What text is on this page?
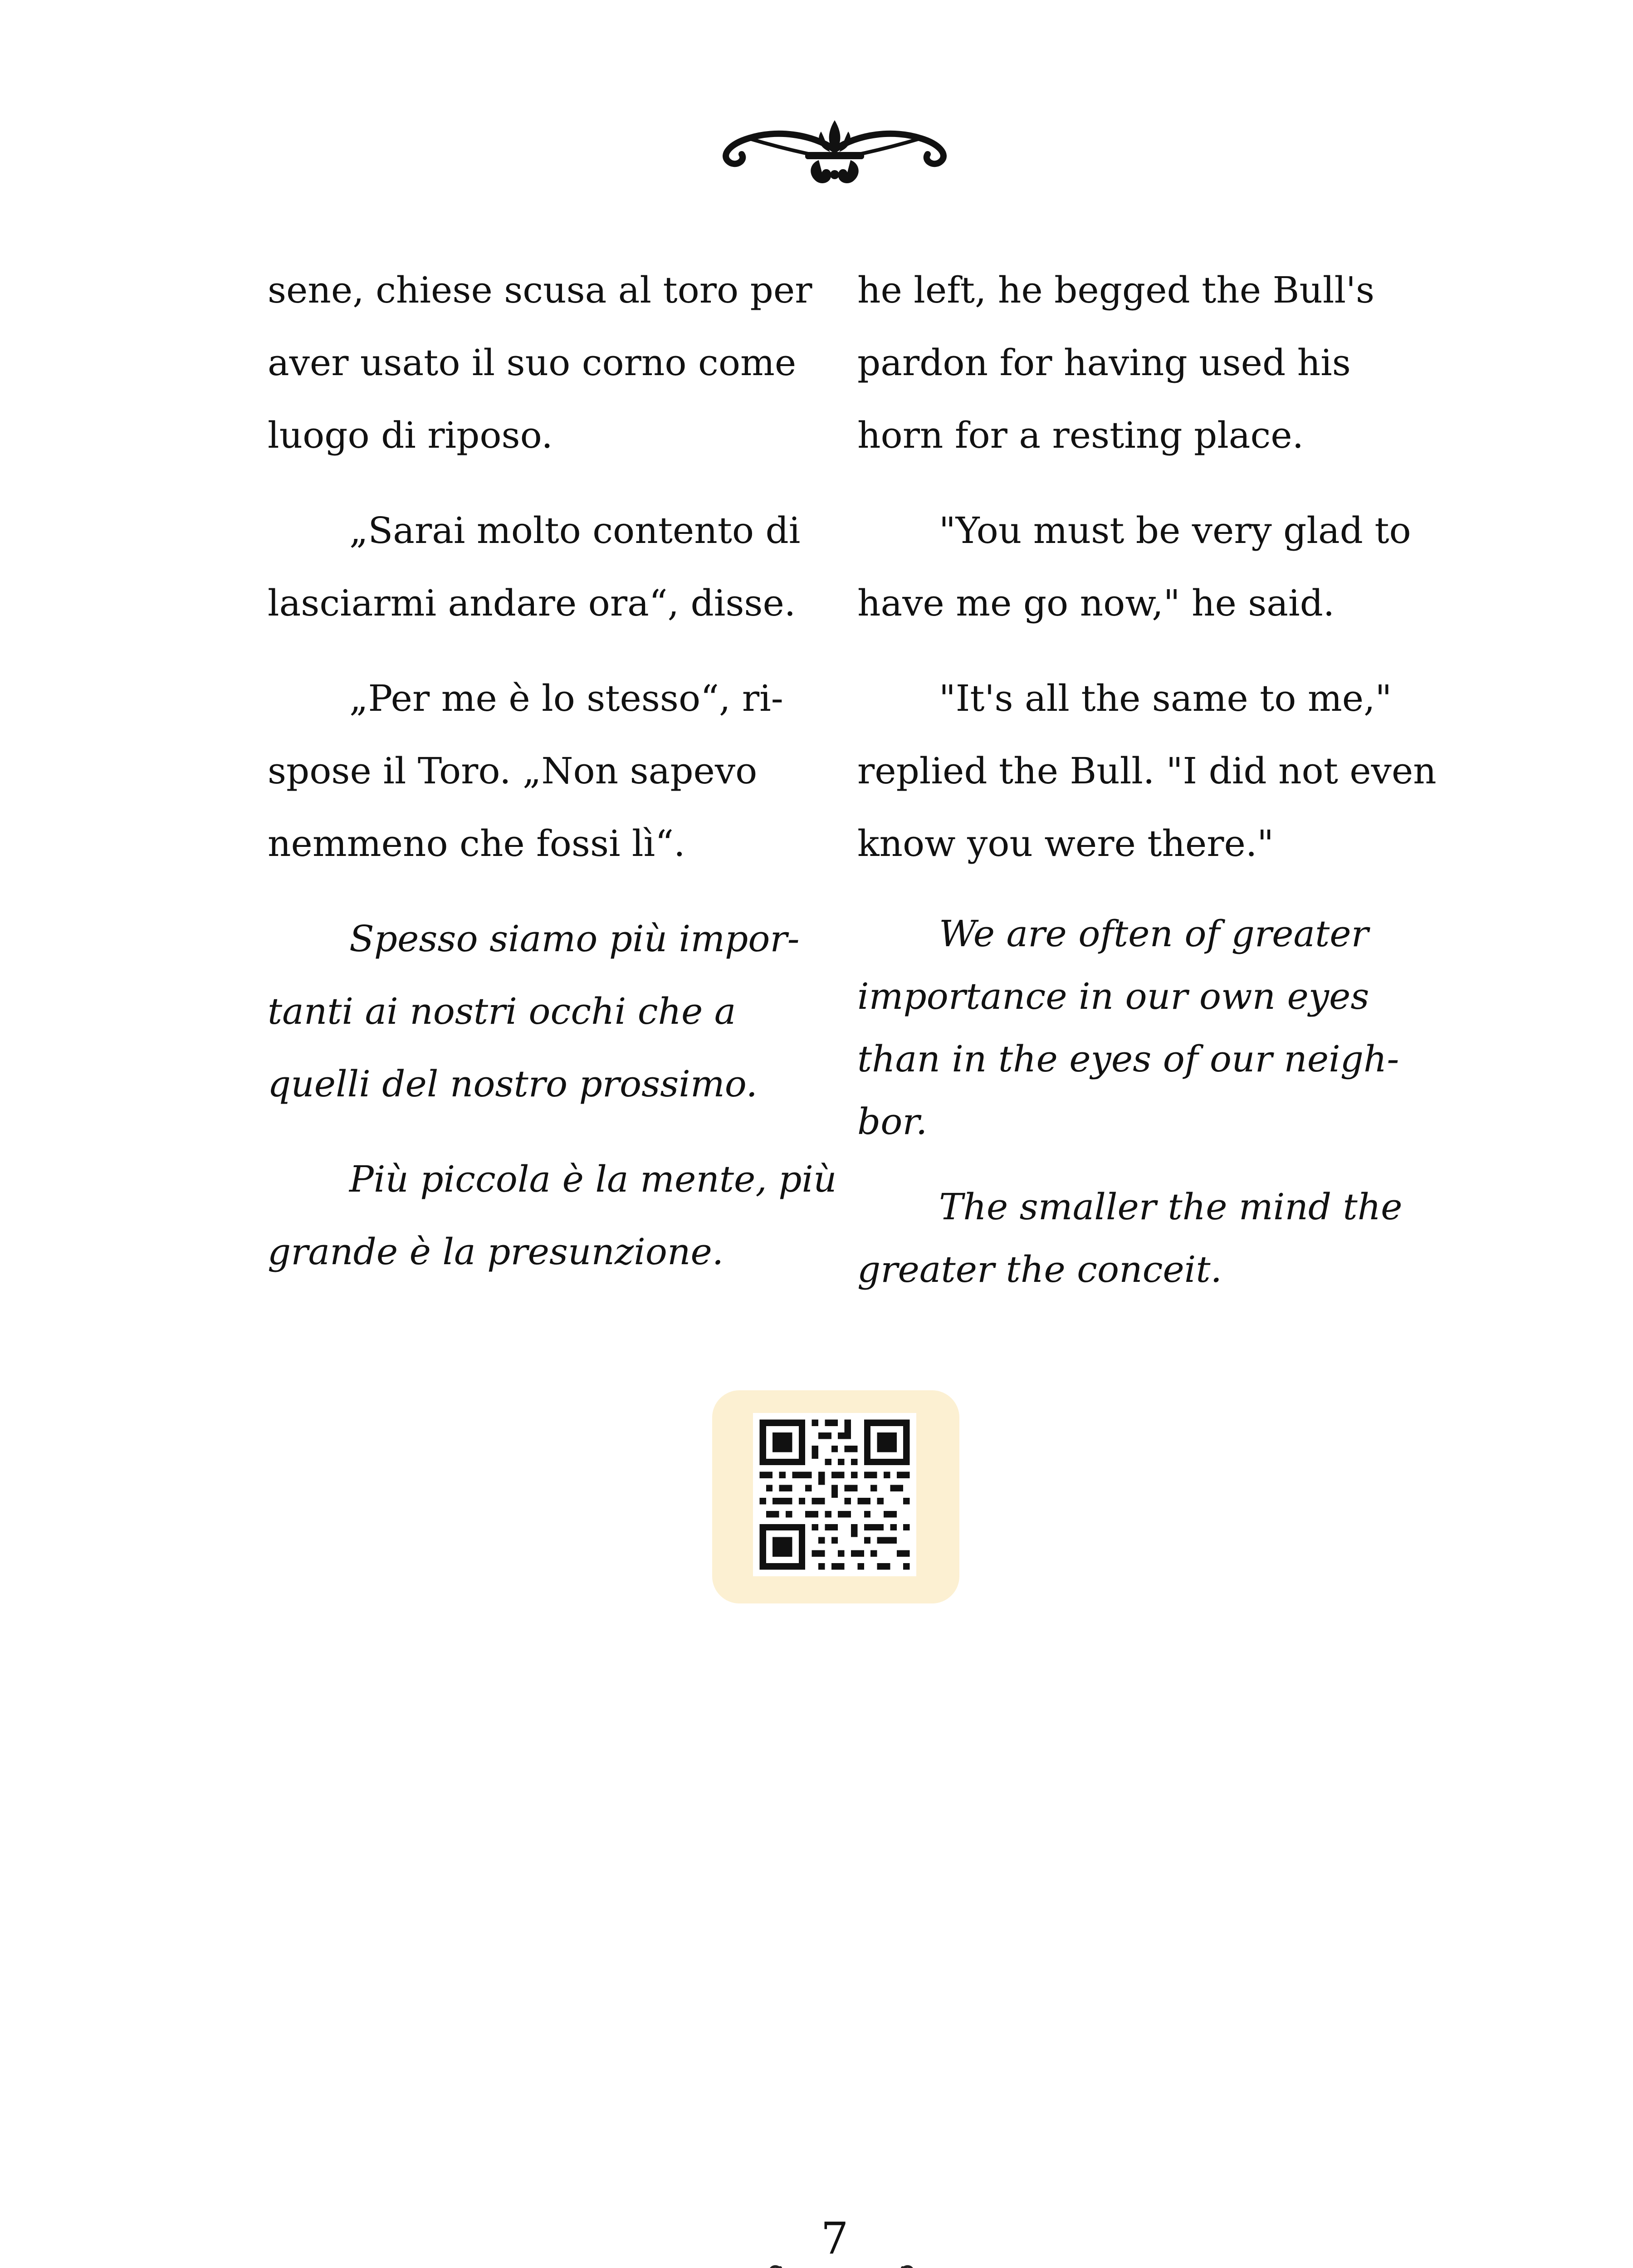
sene, chiese scusa al toro per aver usato il suo corno come luogo di riposo.

„Sarai molto contento di lasciarmi andare ora“, disse.

„Per me è lo stesso“, rispose il Toro. „Non sapevo nemmeno che fossi lì“.

Spesso siamo più importanti ai nostri occhi che a quelli del nostro prossimo.

Più piccola è la mente, più grande è la presunzione.

he left, he begged the Bull's pardon for having used his horn for a resting place.

"You must be very glad to have me go now," he said.

"It's all the same to me," replied the Bull. "I did not even know you were there."

We are often of greater importance in our own eyes than in the eyes of our neighbor.

The smaller the mind the greater the conceit.

7
